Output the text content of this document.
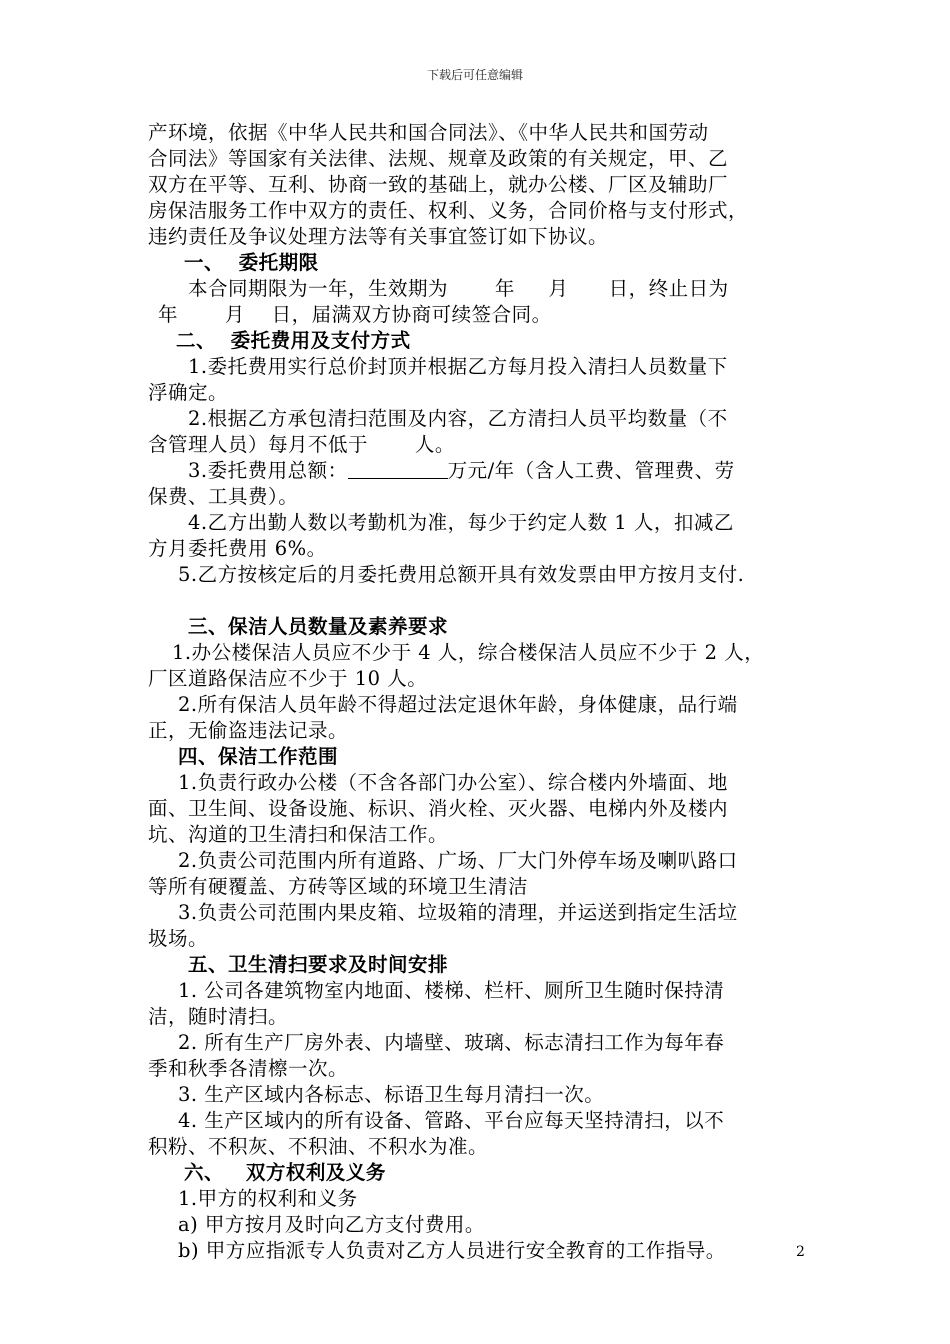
下载后可任意编辑
产环境，依据《中华人民共和国合同法》、《中华人民共和国劳动
合同法》等国家有关法律、法规、规章及政策的有关规定，甲、乙
双方在平等、互利、协商一致的基础上，就办公楼、厂区及辅助厂
房保洁服务工作中双方的责任、权利、义务，合同价格与支付形式，
违约责任及争议处理方法等有关事宜签订如下协议。
一、  委托期限
本合同期限为一年，生效期为       年     月      日，终止日为
年       月    日，届满双方协商可续签合同。
二、  委托费用及支付方式
1.委托费用实行总价封顶并根据乙方每月投入清扫人员数量下
浮确定。
2.根据乙方承包清扫范围及内容，乙方清扫人员平均数量（不
含管理人员）每月不低于       人。
3.委托费用总额：	万元/年（含人工费、管理费、劳
保费、工具费）。
4.乙方出勤人数以考勤机为准，每少于约定人数 1 人，扣减乙
方月委托费用 6%。
5.乙方按核定后的月委托费用总额开具有效发票由甲方按月支付.
三、保洁人员数量及素养要求
1.办公楼保洁人员应不少于 4 人，综合楼保洁人员应不少于 2 人，
厂区道路保洁应不少于 10 人。
2.所有保洁人员年龄不得超过法定退休年龄，身体健康，品行端
正，无偷盗违法记录。
四、保洁工作范围
1.负责行政办公楼（不含各部门办公室）、综合楼内外墙面、地
面、卫生间、设备设施、标识、消火栓、灭火器、电梯内外及楼内
坑、沟道的卫生清扫和保洁工作。
2.负责公司范围内所有道路、广场、厂大门外停车场及喇叭路口
等所有硬覆盖、方砖等区域的环境卫生清洁
3.负责公司范围内果皮箱、垃圾箱的清理，并运送到指定生活垃
圾场。
五、卫生清扫要求及时间安排
1. 公司各建筑物室内地面、楼梯、栏杆、厕所卫生随时保持清
洁，随时清扫。
2. 所有生产厂房外表、内墙壁、玻璃、标志清扫工作为每年春
季和秋季各清檫一次。
3. 生产区域内各标志、标语卫生每月清扫一次。
4. 生产区域内的所有设备、管路、平台应每天坚持清扫，以不
积粉、不积灰、不积油、不积水为准。
六、   双方权利及义务
1.甲方的权利和义务
a) 甲方按月及时向乙方支付费用。
b) 甲方应指派专人负责对乙方人员进行安全教育的工作指导。	2
